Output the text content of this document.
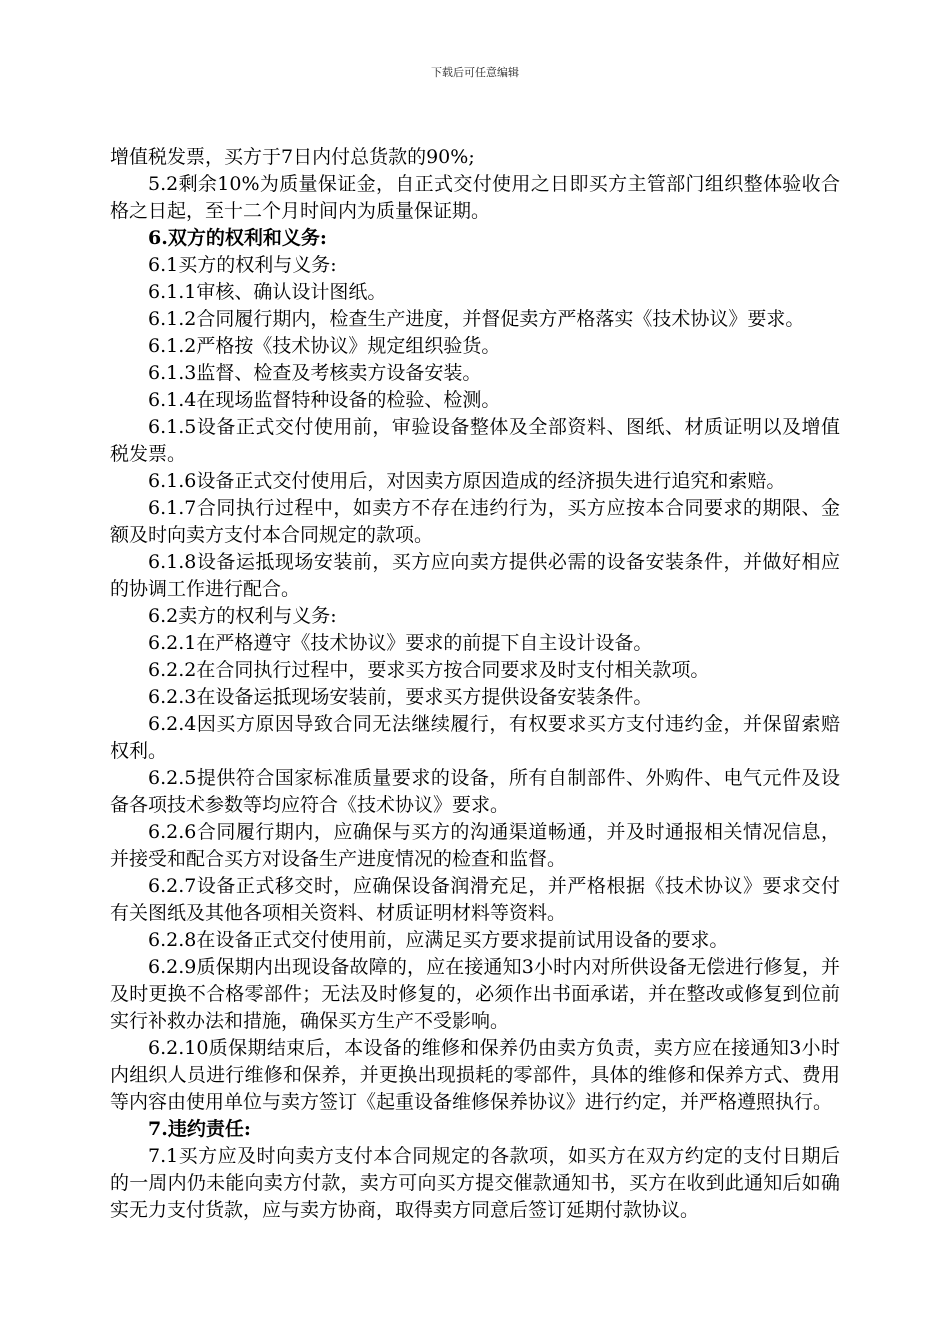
下载后可任意编辑

增值税发票，买方于7日内付总货款的90%;

5.2剩余10%为质量保证金，自正式交付使用之日即买方主管部门组织整体验收合格之日起，至十二个月时间内为质量保证期。

6.双方的权利和义务:

6.1买方的权利与义务:

6.1.1审核、确认设计图纸。

6.1.2合同履行期内，检查生产进度，并督促卖方严格落实《技术协议》要求。

6.1.2严格按《技术协议》规定组织验货。

6.1.3监督、检查及考核卖方设备安装。

6.1.4在现场监督特种设备的检验、检测。

6.1.5设备正式交付使用前，审验设备整体及全部资料、图纸、材质证明以及增值税发票。

6.1.6设备正式交付使用后，对因卖方原因造成的经济损失进行追究和索赔。

6.1.7合同执行过程中，如卖方不存在违约行为，买方应按本合同要求的期限、金额及时向卖方支付本合同规定的款项。

6.1.8设备运抵现场安装前，买方应向卖方提供必需的设备安装条件，并做好相应的协调工作进行配合。

6.2卖方的权利与义务:

6.2.1在严格遵守《技术协议》要求的前提下自主设计设备。

6.2.2在合同执行过程中，要求买方按合同要求及时支付相关款项。

6.2.3在设备运抵现场安装前，要求买方提供设备安装条件。

6.2.4因买方原因导致合同无法继续履行，有权要求买方支付违约金，并保留索赔权利。

6.2.5提供符合国家标准质量要求的设备，所有自制部件、外购件、电气元件及设备各项技术参数等均应符合《技术协议》要求。

6.2.6合同履行期内，应确保与买方的沟通渠道畅通，并及时通报相关情况信息，并接受和配合买方对设备生产进度情况的检查和监督。

6.2.7设备正式移交时，应确保设备润滑充足，并严格根据《技术协议》要求交付有关图纸及其他各项相关资料、材质证明材料等资料。

6.2.8在设备正式交付使用前，应满足买方要求提前试用设备的要求。

6.2.9质保期内出现设备故障的，应在接通知3小时内对所供设备无偿进行修复，并及时更换不合格零部件；无法及时修复的，必须作出书面承诺，并在整改或修复到位前实行补救办法和措施，确保买方生产不受影响。

6.2.10质保期结束后，本设备的维修和保养仍由卖方负责，卖方应在接通知3小时内组织人员进行维修和保养，并更换出现损耗的零部件，具体的维修和保养方式、费用等内容由使用单位与卖方签订《起重设备维修保养协议》进行约定，并严格遵照执行。

7.违约责任:

7.1买方应及时向卖方支付本合同规定的各款项，如买方在双方约定的支付日期后的一周内仍未能向卖方付款，卖方可向买方提交催款通知书，买方在收到此通知后如确实无力支付货款，应与卖方协商，取得卖方同意后签订延期付款协议。
